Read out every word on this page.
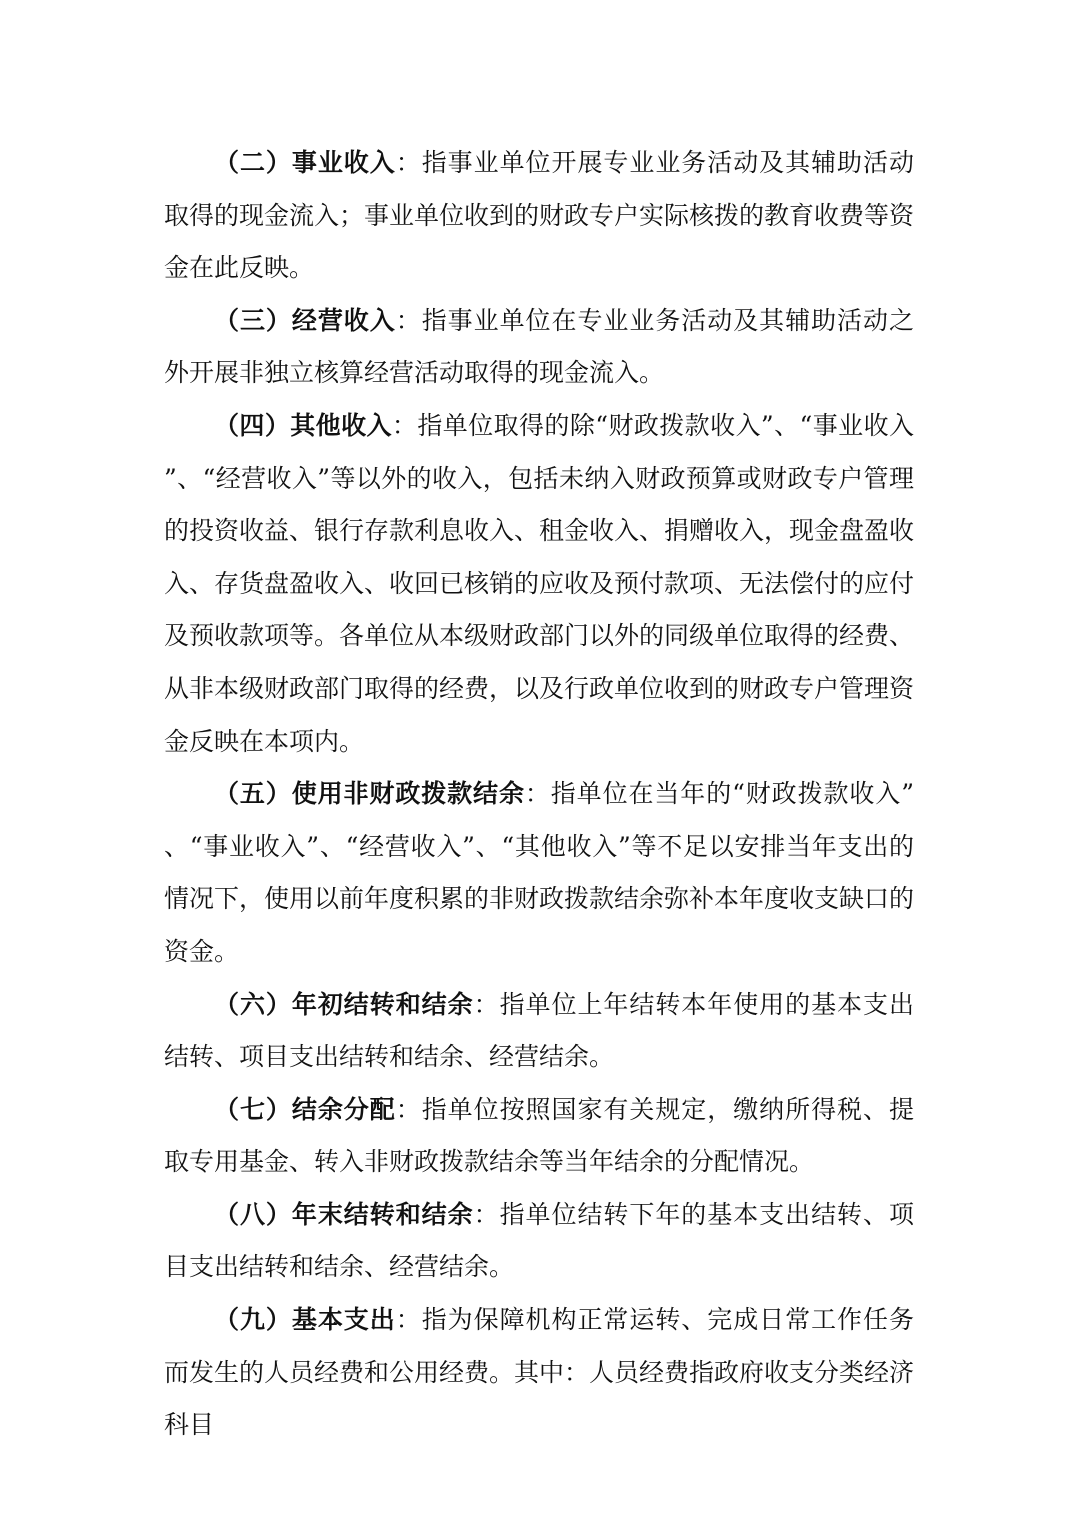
（二）事业收入：指事业单位开展专业业务活动及其辅助活动取得的现金流入；事业单位收到的财政专户实际核拨的教育收费等资金在此反映。

（三）经营收入：指事业单位在专业业务活动及其辅助活动之外开展非独立核算经营活动取得的现金流入。

（四）其他收入：指单位取得的除“财政拨款收入”、“事业收入”、“经营收入”等以外的收入，包括未纳入财政预算或财政专户管理的投资收益、银行存款利息收入、租金收入、捐赠收入，现金盘盈收入、存货盘盈收入、收回已核销的应收及预付款项、无法偿付的应付及预收款项等。各单位从本级财政部门以外的同级单位取得的经费、从非本级财政部门取得的经费，以及行政单位收到的财政专户管理资金反映在本项内。

（五）使用非财政拨款结余：指单位在当年的“财政拨款收入”、“事业收入”、“经营收入”、“其他收入”等不足以安排当年支出的情况下，使用以前年度积累的非财政拨款结余弥补本年度收支缺口的资金。

（六）年初结转和结余：指单位上年结转本年使用的基本支出结转、项目支出结转和结余、经营结余。

（七）结余分配：指单位按照国家有关规定，缴纳所得税、提取专用基金、转入非财政拨款结余等当年结余的分配情况。

（八）年末结转和结余：指单位结转下年的基本支出结转、项目支出结转和结余、经营结余。

（九）基本支出：指为保障机构正常运转、完成日常工作任务而发生的人员经费和公用经费。其中：人员经费指政府收支分类经济科目
